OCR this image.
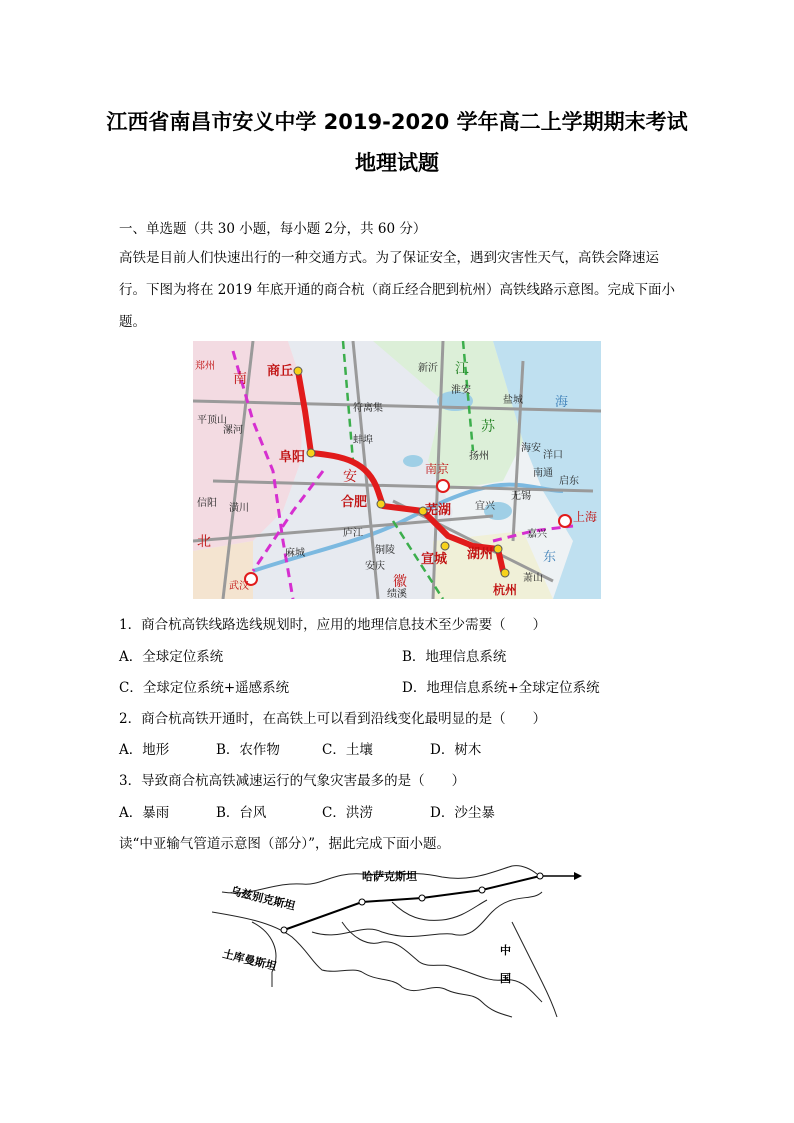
江西省南昌市安义中学 2019-2020 学年高二上学期期末考试
地理试题
一、单选题（共 30 小题，每小题 2分，共 60 分）
高铁是目前人们快速出行的一种交通方式。为了保证安全，遇到灾害性天气，高铁会降速运行。下图为将在 2019 年底开通的商合杭（商丘经合肥到杭州）高铁线路示意图。完成下面小题。
郑州
南 商丘
平顶山
漯河
阜阳
信阳 潢川
北
武汉
麻城
新沂 江
淮安
苏
盐城 海
符离集
蚌埠
安
海安
洋口
扬州
南通
启东
南京
无锡
合肥
庐江
芜湖 宜兴
上海
铜陵
宣城 湖州
嘉兴
安庆
徽
东
杭州
萧山
绩溪
1．商合杭高铁线路选线规划时，应用的地理信息技术至少需要（　　）
A．全球定位系统	B．地理信息系统
C．全球定位系统+遥感系统	D．地理信息系统+全球定位系统
2．商合杭高铁开通时，在高铁上可以看到沿线变化最明显的是（　　）
A．地形	B．农作物	C．土壤	D．树木
3．导致商合杭高铁减速运行的气象灾害最多的是（　　）
A．暴雨	B．台风	C．洪涝	D．沙尘暴
读“中亚输气管道示意图（部分）”，据此完成下面小题。
哈萨克斯坦
乌兹别克斯坦
土库曼斯坦	中
国
